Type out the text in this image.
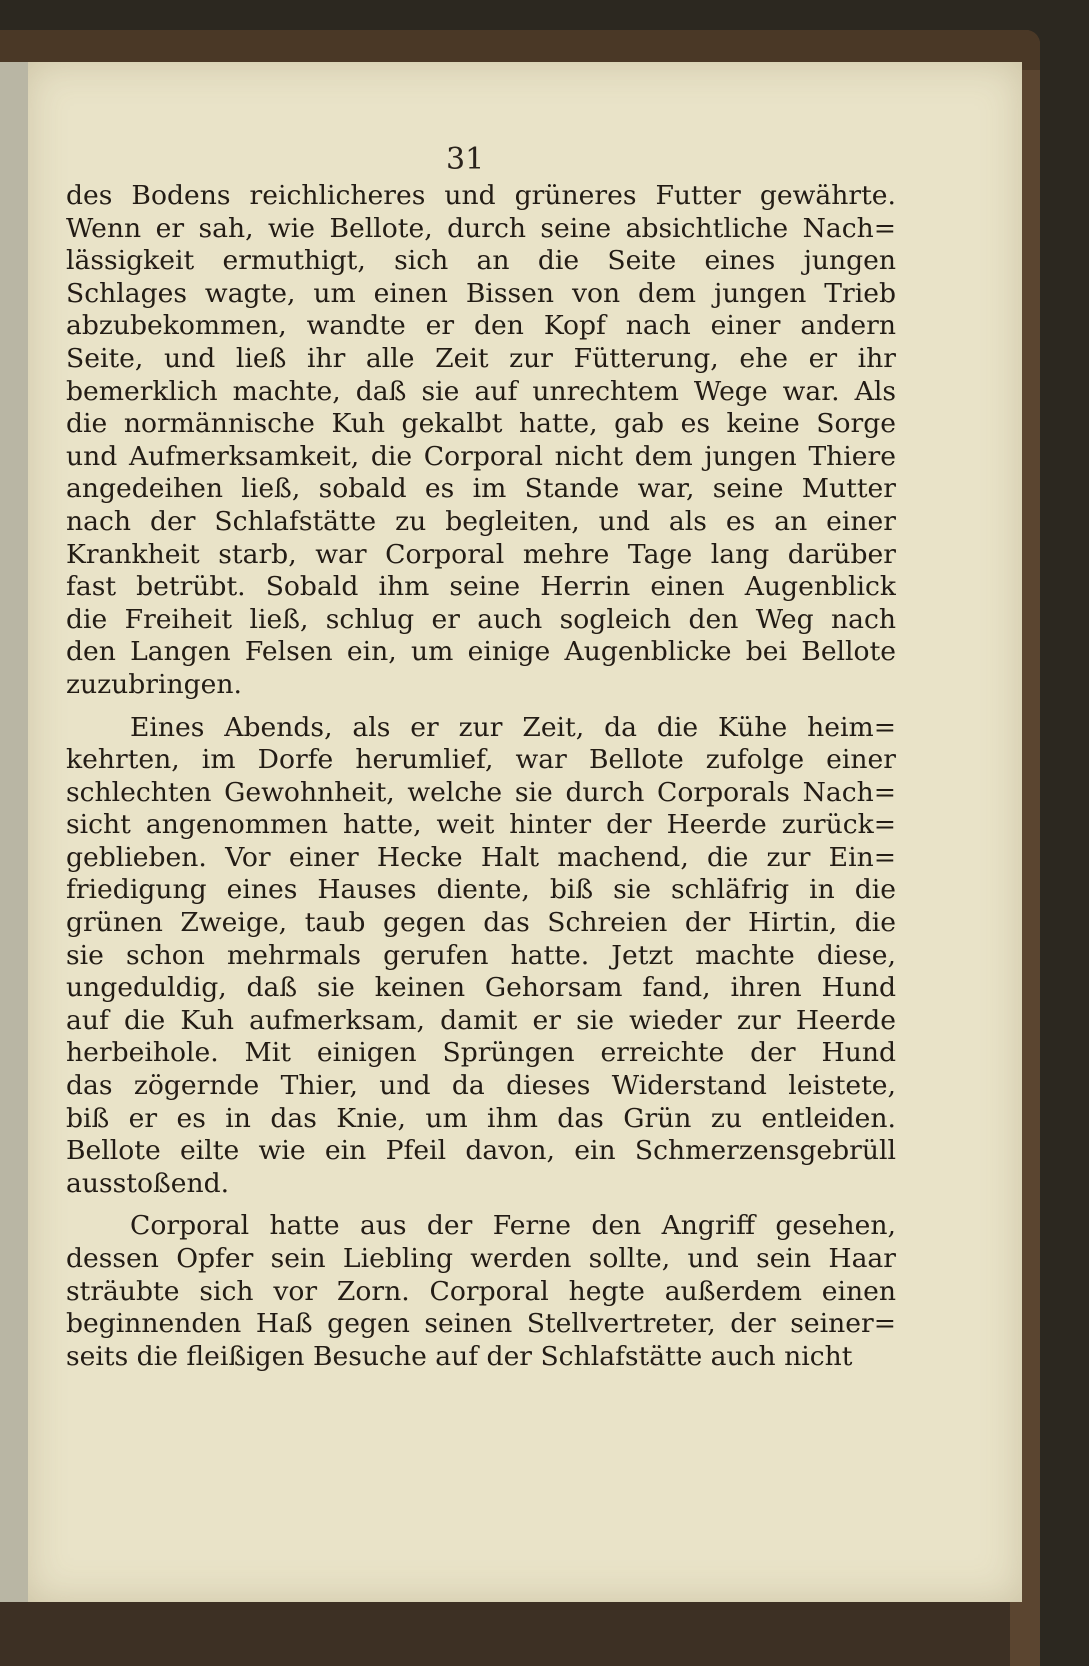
31
des Bodens reichlicheres und grüneres Futter gewährte.
Wenn er sah, wie Bellote, durch seine absichtliche Nach=
lässigkeit ermuthigt, sich an die Seite eines jungen
Schlages wagte, um einen Bissen von dem jungen Trieb
abzubekommen, wandte er den Kopf nach einer andern
Seite, und ließ ihr alle Zeit zur Fütterung, ehe er ihr
bemerklich machte, daß sie auf unrechtem Wege war. Als
die normännische Kuh gekalbt hatte, gab es keine Sorge
und Aufmerksamkeit, die Corporal nicht dem jungen Thiere
angedeihen ließ, sobald es im Stande war, seine Mutter
nach der Schlafstätte zu begleiten, und als es an einer
Krankheit starb, war Corporal mehre Tage lang darüber
fast betrübt. Sobald ihm seine Herrin einen Augenblick
die Freiheit ließ, schlug er auch sogleich den Weg nach
den Langen Felsen ein, um einige Augenblicke bei Bellote
zuzubringen.
Eines Abends, als er zur Zeit, da die Kühe heim=
kehrten, im Dorfe herumlief, war Bellote zufolge einer
schlechten Gewohnheit, welche sie durch Corporals Nach=
sicht angenommen hatte, weit hinter der Heerde zurück=
geblieben. Vor einer Hecke Halt machend, die zur Ein=
friedigung eines Hauses diente, biß sie schläfrig in die
grünen Zweige, taub gegen das Schreien der Hirtin, die
sie schon mehrmals gerufen hatte. Jetzt machte diese,
ungeduldig, daß sie keinen Gehorsam fand, ihren Hund
auf die Kuh aufmerksam, damit er sie wieder zur Heerde
herbeihole. Mit einigen Sprüngen erreichte der Hund
das zögernde Thier, und da dieses Widerstand leistete,
biß er es in das Knie, um ihm das Grün zu entleiden.
Bellote eilte wie ein Pfeil davon, ein Schmerzensgebrüll
ausstoßend.
Corporal hatte aus der Ferne den Angriff gesehen,
dessen Opfer sein Liebling werden sollte, und sein Haar
sträubte sich vor Zorn. Corporal hegte außerdem einen
beginnenden Haß gegen seinen Stellvertreter, der seiner=
seits die fleißigen Besuche auf der Schlafstätte auch nicht
